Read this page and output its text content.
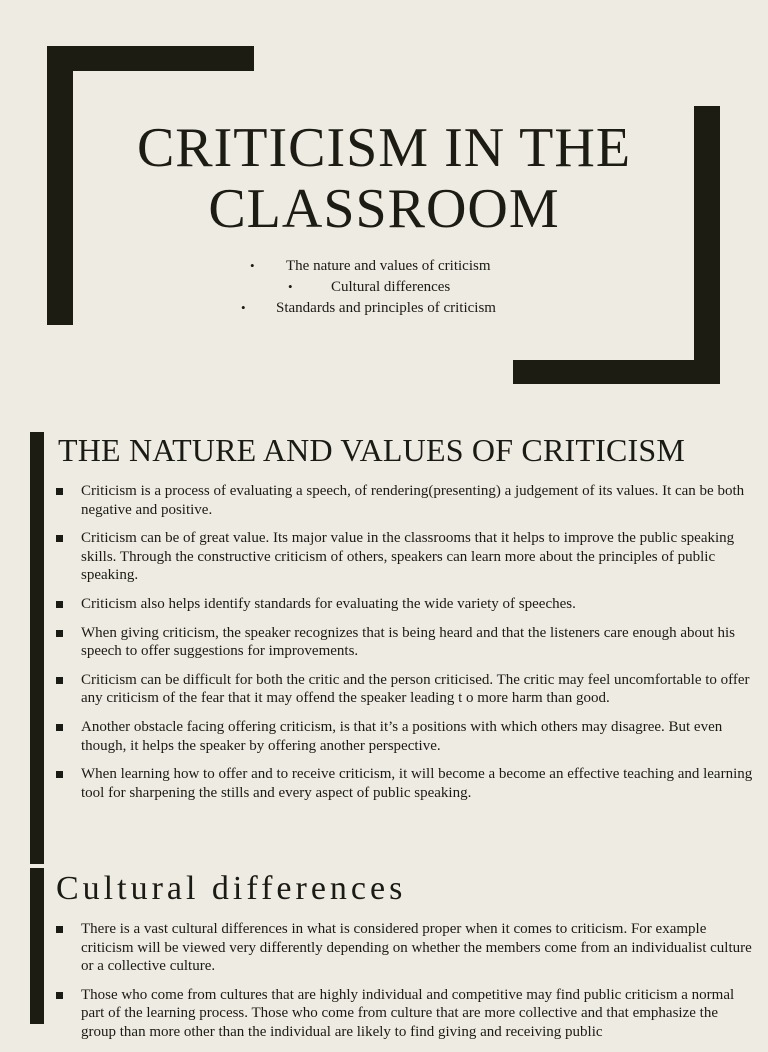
CRITICISM IN THE
CLASSROOM
• The nature and values of criticism
•	Cultural differences
• Standards and principles of criticism
THE NATURE AND VALUES OF CRITICISM
Criticism is a process of evaluating a speech, of rendering(presenting) a judgement of its values. It can be both negative and positive.
Criticism can be of great value. Its major value in the classrooms that it helps to improve the public speaking skills. Through the constructive criticism of others, speakers can learn more about the principles of public speaking.
Criticism also helps identify standards for evaluating the wide variety of speeches.
When giving criticism, the speaker recognizes that is being heard and that the listeners care enough about his speech to offer suggestions for improvements.
Criticism can be difficult for both the critic and the person criticised. The critic may feel uncomfortable to offer any criticism of the fear that it may offend the speaker leading t o more harm than good.
Another obstacle facing offering criticism, is that it’s a positions with which others may disagree. But even though, it helps the speaker by offering another perspective.
When learning how to offer and to receive criticism, it will become a become an effective teaching and learning tool for sharpening the stills and every aspect of public speaking.
Cultural differences
There is a vast cultural differences in what is considered proper when it comes to criticism. For example criticism will be viewed very differently depending on whether the members come from an individualist culture or a collective culture.
Those who come from cultures that are highly individual and competitive may find public criticism a normal part of the learning process. Those who come from culture that are more collective and that emphasize the group than more other than the individual are likely to find giving and receiving public
